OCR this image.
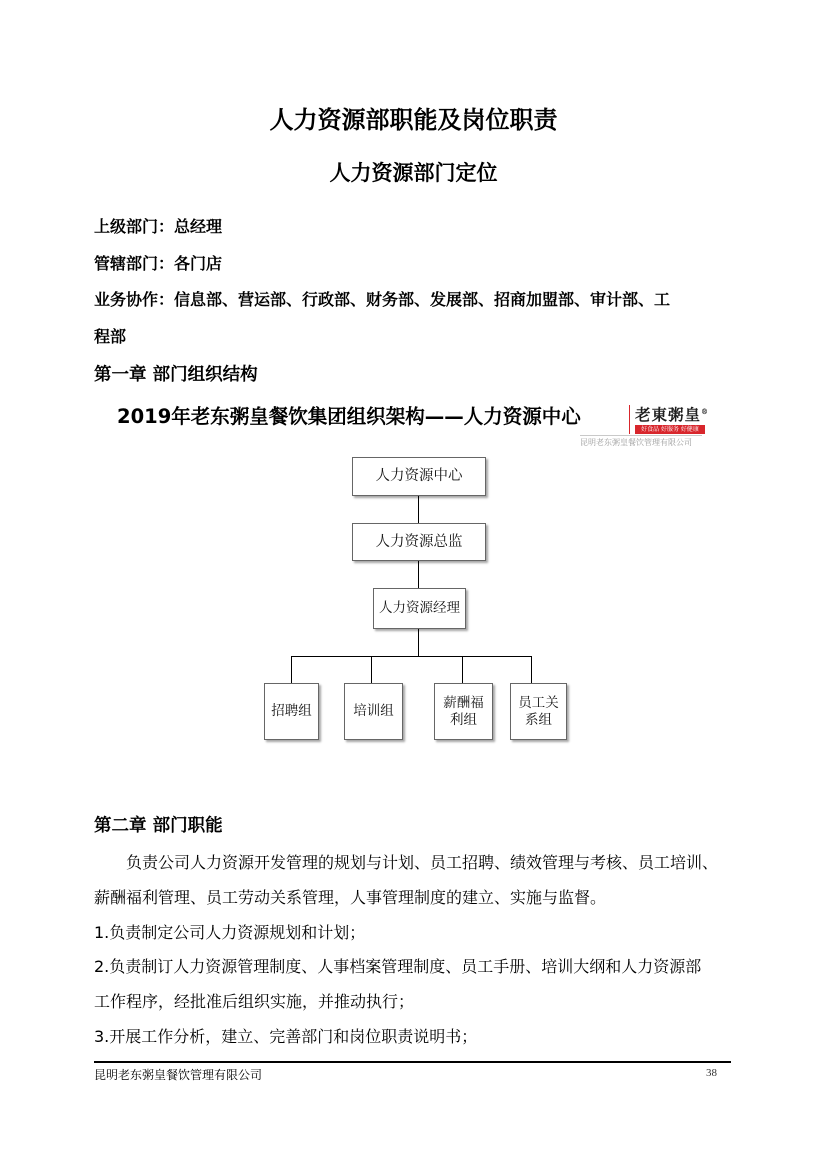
人力资源部职能及岗位职责
人力资源部门定位
上级部门：总经理
管辖部门：各门店
业务协作：信息部、营运部、行政部、财务部、发展部、招商加盟部、审计部、工
程部
第一章 部门组织结构
2019年老东粥皇餐饮集团组织架构——人力资源中心	老東粥皇®
好食品 好服务 好健康
昆明老东粥皇餐饮管理有限公司
人力资源中心
人力资源总监
人力资源经理
招聘组	培训组

薪酬福
利组
员工关
系组
第二章 部门职能
负责公司人力资源开发管理的规划与计划、员工招聘、绩效管理与考核、员工培训、
薪酬福利管理、员工劳动关系管理，人事管理制度的建立、实施与监督。
1.负责制定公司人力资源规划和计划；
2.负责制订人力资源管理制度、人事档案管理制度、员工手册、培训大纲和人力资源部
工作程序，经批准后组织实施，并推动执行；
3.开展工作分析，建立、完善部门和岗位职责说明书；
昆明老东粥皇餐饮管理有限公司	38
